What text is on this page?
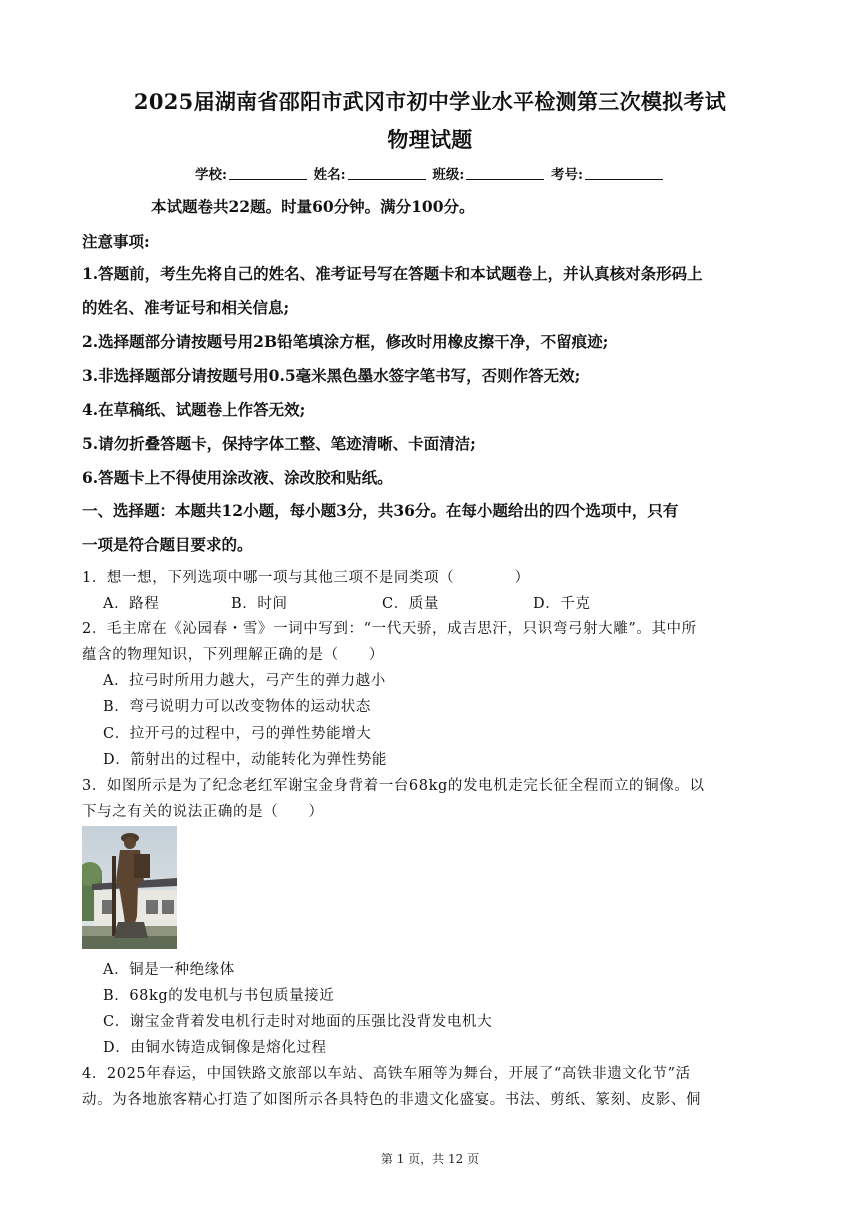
2025届湖南省邵阳市武冈市初中学业水平检测第三次模拟考试
物理试题
学校:	姓名:	班级:	考号:
本试题卷共22题。时量60分钟。满分100分。
注意事项:
1.答题前，考生先将自己的姓名、准考证号写在答题卡和本试题卷上，并认真核对条形码上
的姓名、准考证号和相关信息;
2.选择题部分请按题号用2B铅笔填涂方框，修改时用橡皮擦干净，不留痕迹;
3.非选择题部分请按题号用0.5毫米黑色墨水签字笔书写，否则作答无效;
4.在草稿纸、试题卷上作答无效;
5.请勿折叠答题卡，保持字体工整、笔迹清晰、卡面清洁;
6.答题卡上不得使用涂改液、涂改胶和贴纸。
一、选择题：本题共12小题，每小题3分，共36分。在每小题给出的四个选项中，只有
一项是符合题目要求的。
1．想一想，下列选项中哪一项与其他三项不是同类项（　　　　）
A．路程	B．时间	C．质量	D．千克
2．毛主席在《沁园春・雪》一词中写到：“一代天骄，成吉思汗，只识弯弓射大雕”。其中所
蕴含的物理知识，下列理解正确的是（　　）
A．拉弓时所用力越大，弓产生的弹力越小
B．弯弓说明力可以改变物体的运动状态
C．拉开弓的过程中，弓的弹性势能增大
D．箭射出的过程中，动能转化为弹性势能
3．如图所示是为了纪念老红军谢宝金身背着一台68kg的发电机走完长征全程而立的铜像。以
下与之有关的说法正确的是（　　）
A．铜是一种绝缘体
B．68kg的发电机与书包质量接近
C．谢宝金背着发电机行走时对地面的压强比没背发电机大
D．由铜水铸造成铜像是熔化过程
4．2025年春运，中国铁路文旅部以车站、高铁车厢等为舞台，开展了“高铁非遗文化节”活
动。为各地旅客精心打造了如图所示各具特色的非遗文化盛宴。书法、剪纸、篆刻、皮影、侗
第 1 页，共 12 页
